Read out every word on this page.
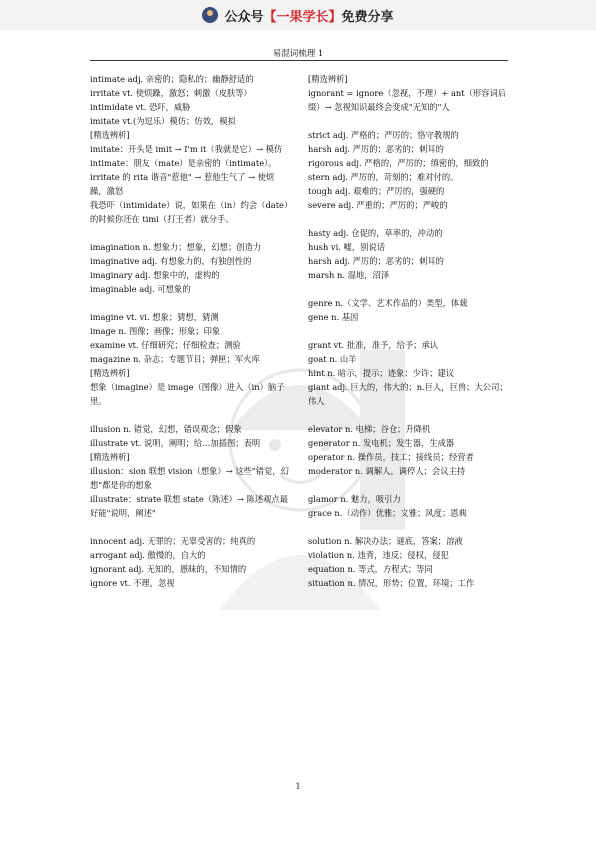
公众号【一果学长】免费分享
易混词梳理 1

intimate adj. 亲密的；隐私的；幽静舒适的

irritate vt. 使烦躁，激怒；刺激（皮肤等）

intimidate vt. 恐吓，威胁

imitate vt.(为逗乐）模仿；仿效，模拟

[精选辨析]

imitate：开头是 imit → I'm it（我就是它）→ 模仿

intimate：朋友（mate）是亲密的（intimate）。

irritate 的 rita 谐音"惹他" → 惹他生气了 → 使烦躁，激怒

我恐吓（intimidate）说，如果在（in）约会（date）的时候你还在 timi（打王者）就分手。

imagination n. 想象力；想象，幻想；创造力

imaginative adj. 有想象力的，有独创性的

imaginary adj. 想象中的，虚构的

imaginable adj. 可想象的

imagine vt. vi. 想象；猜想，猜测

image n. 图像；画像；形象；印象

examine vt. 仔细研究；仔细检查；测验

magazine n. 杂志；专题节目；弹匣；军火库

[精选辨析]

想象（imagine）是 image（图像）进入（in）脑子里。

illusion n. 错觉，幻想，错误观念；假象

illustrate vt. 说明，阐明；给…加插图；表明

[精选辨析]

illusion：sion 联想 vision（想象）→ 这些"错觉，幻想"都是你的想象

illustrate：strate 联想 state（陈述）→ 陈述观点最好能"说明，阐述"

innocent adj. 无罪的；无辜受害的；纯真的

arrogant adj. 傲慢的，自大的

ignorant adj. 无知的，愚昧的，不知情的

ignore vt. 不理，忽视

[精选辨析]

ignorant = ignore（忽视，不理）+ ant（形容词后缀）→ 忽视知识最终会变成"无知的"人

strict adj. 严格的；严厉的；恪守教规的

harsh adj. 严厉的；恶劣的；刺耳的

rigorous adj. 严格的，严厉的；缜密的，细致的

stern adj. 严厉的，苛刻的；难对付的。

tough adj. 艰难的；严厉的，强硬的

severe adj. 严重的；严厉的；严峻的

hasty adj. 仓促的，草率的，冲动的

hush vi. 嘘，别说话

harsh adj. 严厉的；恶劣的；刺耳的

marsh n. 湿地，沼泽

genre n.（文学、艺术作品的）类型，体裁

gene n. 基因

grant vt. 批准，准予，给予；承认

goat n. 山羊

hint n. 暗示，提示；迹象；少许；建议

giant adj. 巨大的，伟大的；n.巨人，巨兽；大公司；伟人

elevator n. 电梯；谷仓；升降机

generator n. 发电机；发生器，生成器

operator n. 操作员，技工；接线员；经营者

moderator n. 调解人，调停人；会议主持

glamor n. 魅力，吸引力

grace n.（动作）优雅；文雅；风度；恩典

solution n. 解决办法；谜底，答案；溶液

violation n. 违背，违反；侵权，侵犯

equation n. 等式，方程式；等同

situation n. 情况，形势；位置，环境；工作

1
